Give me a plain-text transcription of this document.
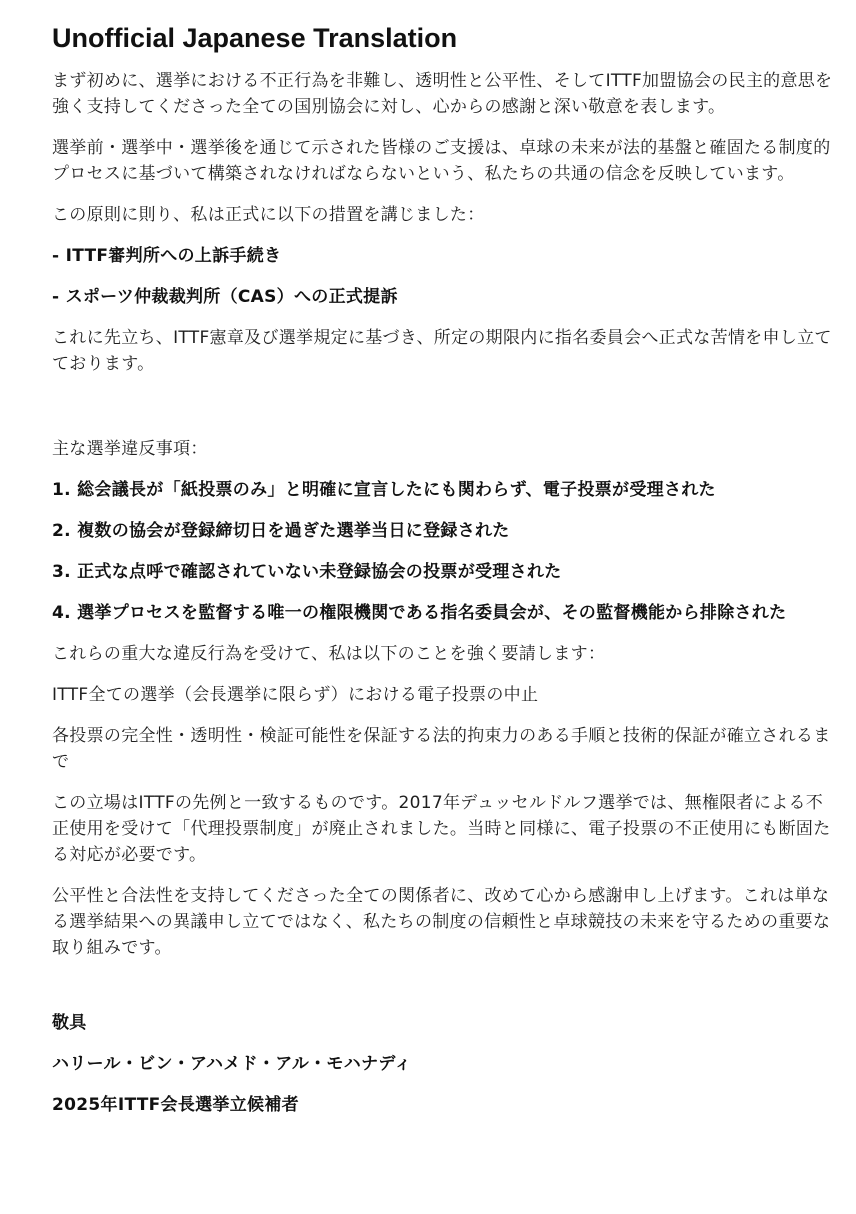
Unofficial Japanese Translation

まず初めに、選挙における不正行為を非難し、透明性と公平性、そしてITTF加盟協会の民主的意思を強く支持してくださった全ての国別協会に対し、心からの感謝と深い敬意を表します。

選挙前・選挙中・選挙後を通じて示された皆様のご支援は、卓球の未来が法的基盤と確固たる制度的プロセスに基づいて構築されなければならないという、私たちの共通の信念を反映しています。

この原則に則り、私は正式に以下の措置を講じました：

- ITTF審判所への上訴手続き

- スポーツ仲裁裁判所（CAS）への正式提訴

これに先立ち、ITTF憲章及び選挙規定に基づき、所定の期限内に指名委員会へ正式な苦情を申し立てております。

主な選挙違反事項：

1. 総会議長が「紙投票のみ」と明確に宣言したにも関わらず、電子投票が受理された

2. 複数の協会が登録締切日を過ぎた選挙当日に登録された

3. 正式な点呼で確認されていない未登録協会の投票が受理された

4. 選挙プロセスを監督する唯一の権限機関である指名委員会が、その監督機能から排除された

これらの重大な違反行為を受けて、私は以下のことを強く要請します：

ITTF全ての選挙（会長選挙に限らず）における電子投票の中止

各投票の完全性・透明性・検証可能性を保証する法的拘束力のある手順と技術的保証が確立されるまで

この立場はITTFの先例と一致するものです。2017年デュッセルドルフ選挙では、無権限者による不正使用を受けて「代理投票制度」が廃止されました。当時と同様に、電子投票の不正使用にも断固たる対応が必要です。

公平性と合法性を支持してくださった全ての関係者に、改めて心から感謝申し上げます。これは単なる選挙結果への異議申し立てではなく、私たちの制度の信頼性と卓球競技の未来を守るための重要な取り組みです。

敬具

ハリール・ビン・アハメド・アル・モハナディ

2025年ITTF会長選挙立候補者
